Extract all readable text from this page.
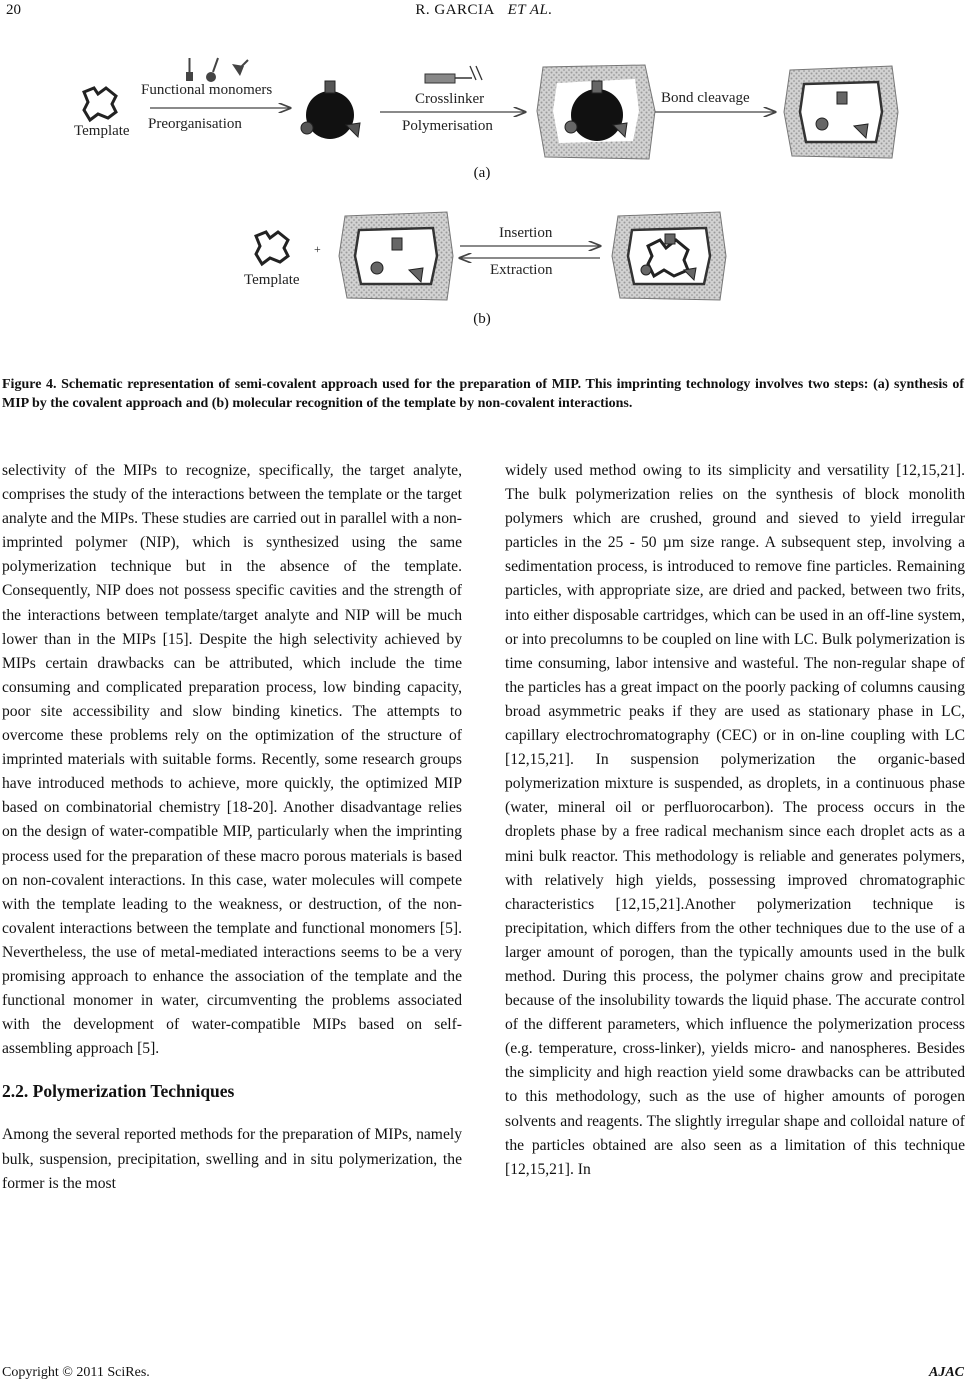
20	R. GARCIA ET AL.
Template
Functional monomers
Preorganisation
Crosslinker
Polymerisation
Bond cleavage
(a)
Template
+
Insertion
Extraction
(b)
Figure 4. Schematic representation of semi-covalent approach used for the preparation of MIP. This imprinting technology involves two steps: (a) synthesis of MIP by the covalent approach and (b) molecular recognition of the template by non-covalent interactions.

selectivity of the MIPs to recognize, specifically, the target analyte, comprises the study of the interactions between the template or the target analyte and the MIPs. These studies are carried out in parallel with a non-imprinted polymer (NIP), which is synthesized using the same polymerization technique but in the absence of the template. Consequently, NIP does not possess specific cavities and the strength of the interactions between template/target analyte and NIP will be much lower than in the MIPs [15]. Despite the high selectivity achieved by MIPs certain drawbacks can be attributed, which include the time consuming and complicated preparation process, low binding capacity, poor site accessibility and slow binding kinetics. The attempts to overcome these problems rely on the optimization of the structure of imprinted materials with suitable forms. Recently, some research groups have introduced methods to achieve, more quickly, the optimized MIP based on combinatorial chemistry [18-20]. Another disadvantage relies on the design of water-compatible MIP, particularly when the imprinting process used for the preparation of these macro porous materials is based on non-covalent interactions. In this case, water molecules will compete with the template leading to the weakness, or destruction, of the non-covalent interactions between the template and functional monomers [5]. Nevertheless, the use of metal-mediated interactions seems to be a very promising approach to enhance the association of the template and the functional monomer in water, circumventing the problems associated with the development of water-compatible MIPs based on self- assembling approach [5].

2.2. Polymerization Techniques

Among the several reported methods for the preparation of MIPs, namely bulk, suspension, precipitation, swelling and in situ polymerization, the former is the most

widely used method owing to its simplicity and versatility [12,15,21]. The bulk polymerization relies on the synthesis of block monolith polymers which are crushed, ground and sieved to yield irregular particles in the 25 - 50 µm size range. A subsequent step, involving a sedimentation process, is introduced to remove fine particles. Remaining particles, with appropriate size, are dried and packed, between two frits, into either disposable cartridges, which can be used in an off-line system, or into precolumns to be coupled on line with LC. Bulk polymerization is time consuming, labor intensive and wasteful. The non-regular shape of the particles has a great impact on the poorly packing of columns causing broad asymmetric peaks if they are used as stationary phase in LC, capillary electrochromatography (CEC) or in on-line coupling with LC [12,15,21]. In suspension polymerization the organic-based polymerization mixture is suspended, as droplets, in a continuous phase (water, mineral oil or perfluorocarbon). The process occurs in the droplets phase by a free radical mechanism since each droplet acts as a mini bulk reactor. This methodology is reliable and generates polymers, with relatively high yields, possessing improved chromatographic characteristics [12,15,21].Another polymerization technique is precipitation, which differs from the other techniques due to the use of a larger amount of porogen, than the typically amounts used in the bulk method. During this process, the polymer chains grow and precipitate because of the insolubility towards the liquid phase. The accurate control of the different parameters, which influence the polymerization process (e.g. temperature, cross-linker), yields micro- and nanospheres. Besides the simplicity and high reaction yield some drawbacks can be attributed to this methodology, such as the use of higher amounts of porogen solvents and reagents. The slightly irregular shape and colloidal nature of the particles obtained are also seen as a limitation of this technique [12,15,21]. In

Copyright © 2011 SciRes.	AJAC
